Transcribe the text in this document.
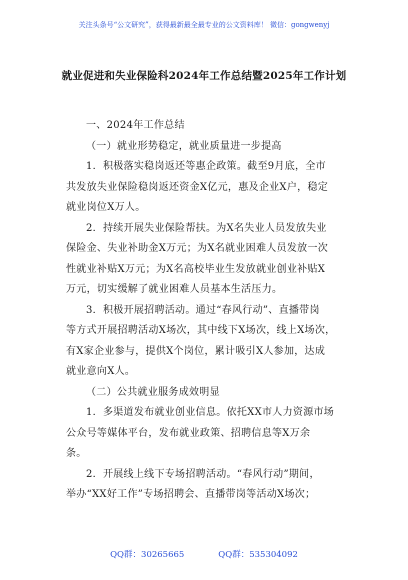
关注头条号“公文研究”，获得最新最全最专业的公文资料库！ 微信：gongwenyj
就业促进和失业保险科2024年工作总结暨2025年工作计划
一、2024年工作总结
（一）就业形势稳定，就业质量进一步提高
1．积极落实稳岗返还等惠企政策。截至9月底，全市
共发放失业保险稳岗返还资金X亿元，惠及企业X户，稳定
就业岗位X万人。
2．持续开展失业保险帮扶。为X名失业人员发放失业
保险金、失业补助金X万元；为X名就业困难人员发放一次
性就业补贴X万元；为X名高校毕业生发放就业创业补贴X
万元，切实缓解了就业困难人员基本生活压力。
3．积极开展招聘活动。通过“春风行动”、直播带岗
等方式开展招聘活动X场次，其中线下X场次，线上X场次，
有X家企业参与，提供X个岗位，累计吸引X人参加，达成
就业意向X人。
（二）公共就业服务成效明显
1．多渠道发布就业创业信息。依托XX市人力资源市场
公众号等媒体平台，发布就业政策、招聘信息等X万余
条。
2．开展线上线下专场招聘活动。“春风行动”期间，
举办“XX好工作”专场招聘会、直播带岗等活动X场次；
QQ群：30265665	QQ群：535304092
